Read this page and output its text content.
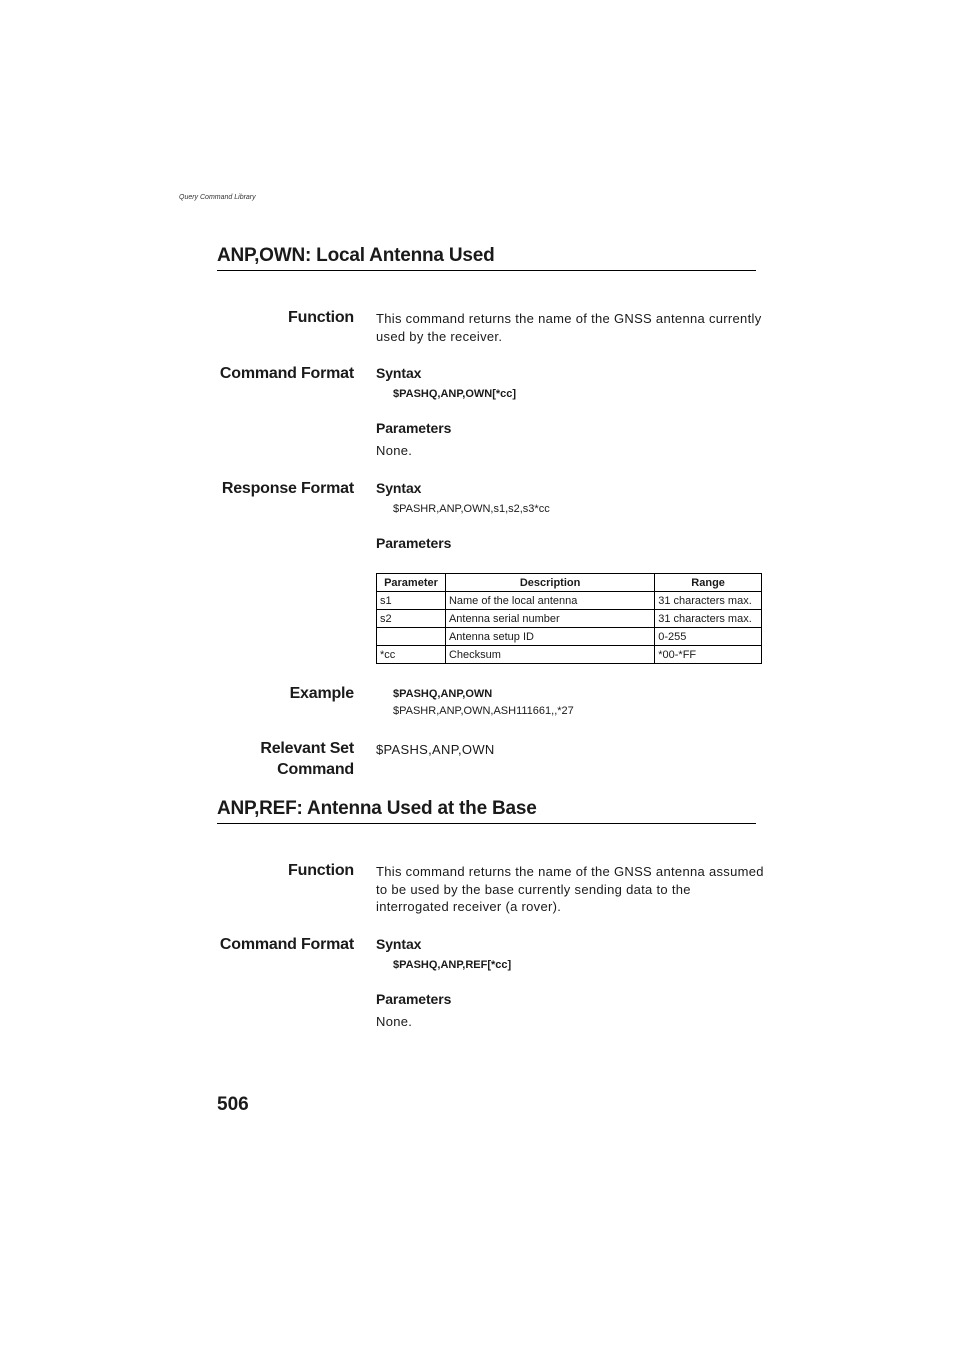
Query Command Library
ANP,OWN: Local Antenna Used
Function This command returns the name of the GNSS antenna currently used by the receiver.
Command Format Syntax
$PASHQ,ANP,OWN[*cc]
Parameters
None.
Response Format Syntax
$PASHR,ANP,OWN,s1,s2,s3*cc
Parameters
Parameter	Description	Range
s1	Name of the local antenna	31 characters max.
s2	Antenna serial number	31 characters max.
	Antenna setup ID	0-255
*cc	Checksum	*00-*FF
Example	$PASHQ,ANP,OWN
$PASHR,ANP,OWN,ASH111661,,*27
Relevant Set
Command
$PASHS,ANP,OWN
ANP,REF: Antenna Used at the Base
Function This command returns the name of the GNSS antenna assumed to be used by the base currently sending data to the interrogated receiver (a rover).
Command Format Syntax
$PASHQ,ANP,REF[*cc]
Parameters
None.
506
